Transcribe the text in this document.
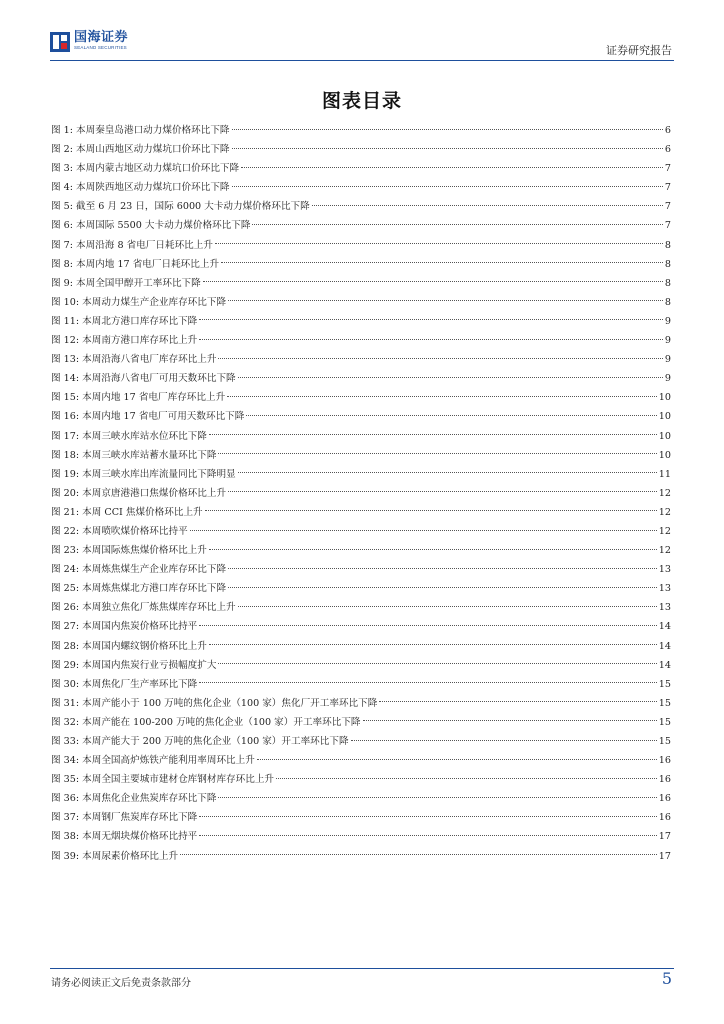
国海证券
SEALAND SECURITIES	证券研究报告
图表目录
图 1: 本周秦皇岛港口动力煤价格环比下降	6
图 2: 本周山西地区动力煤坑口价环比下降	6
图 3: 本周内蒙古地区动力煤坑口价环比下降	7
图 4: 本周陕西地区动力煤坑口价环比下降	7
图 5: 截至 6 月 23 日，国际 6000 大卡动力煤价格环比下降	7
图 6: 本周国际 5500 大卡动力煤价格环比下降	7
图 7: 本周沿海 8 省电厂日耗环比上升	8
图 8: 本周内地 17 省电厂日耗环比上升	8
图 9: 本周全国甲醇开工率环比下降	8
图 10: 本周动力煤生产企业库存环比下降	8
图 11: 本周北方港口库存环比下降	9
图 12: 本周南方港口库存环比上升	9
图 13: 本周沿海八省电厂库存环比上升	9
图 14: 本周沿海八省电厂可用天数环比下降	9
图 15: 本周内地 17 省电厂库存环比上升	10
图 16: 本周内地 17 省电厂可用天数环比下降	10
图 17: 本周三峡水库站水位环比下降	10
图 18: 本周三峡水库站蓄水量环比下降	10
图 19: 本周三峡水库出库流量同比下降明显	11
图 20: 本周京唐港港口焦煤价格环比上升	12
图 21: 本周 CCI 焦煤价格环比上升	12
图 22: 本周喷吹煤价格环比持平	12
图 23: 本周国际炼焦煤价格环比上升	12
图 24: 本周炼焦煤生产企业库存环比下降	13
图 25: 本周炼焦煤北方港口库存环比下降	13
图 26: 本周独立焦化厂炼焦煤库存环比上升	13
图 27: 本周国内焦炭价格环比持平	14
图 28: 本周国内螺纹钢价格环比上升	14
图 29: 本周国内焦炭行业亏损幅度扩大	14
图 30: 本周焦化厂生产率环比下降	15
图 31: 本周产能小于 100 万吨的焦化企业（100 家）焦化厂开工率环比下降	15
图 32: 本周产能在 100-200 万吨的焦化企业（100 家）开工率环比下降	15
图 33: 本周产能大于 200 万吨的焦化企业（100 家）开工率环比下降	15
图 34: 本周全国高炉炼铁产能利用率周环比上升	16
图 35: 本周全国主要城市建材仓库钢材库存环比上升	16
图 36: 本周焦化企业焦炭库存环比下降	16
图 37: 本周钢厂焦炭库存环比下降	16
图 38: 本周无烟块煤价格环比持平	17
图 39: 本周尿素价格环比上升	17
请务必阅读正文后免责条款部分	5
